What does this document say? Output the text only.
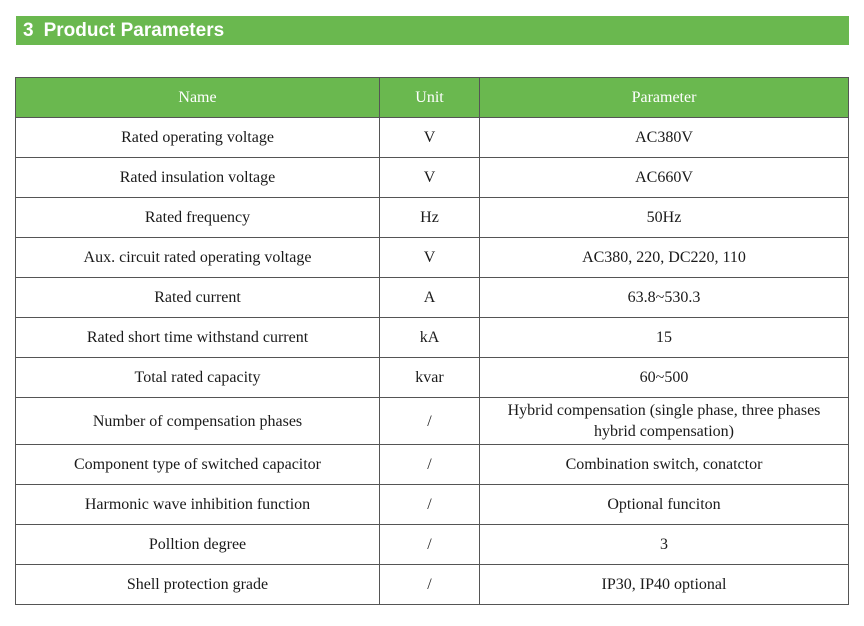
3 Product Parameters
Name	Unit	Parameter
Rated operating voltage	V	AC380V
Rated insulation voltage	V	AC660V
Rated frequency	Hz	50Hz
Aux. circuit rated operating voltage	V	AC380, 220, DC220, 110
Rated current	A	63.8~530.3
Rated short time withstand current	kA	15
Total rated capacity	kvar	60~500
Number of compensation phases	/	Hybrid compensation (single phase, three phases hybrid compensation)
Component type of switched capacitor	/	Combination switch, conatctor
Harmonic wave inhibition function	/	Optional funciton
Polltion degree	/	3
Shell protection grade	/	IP30, IP40 optional
